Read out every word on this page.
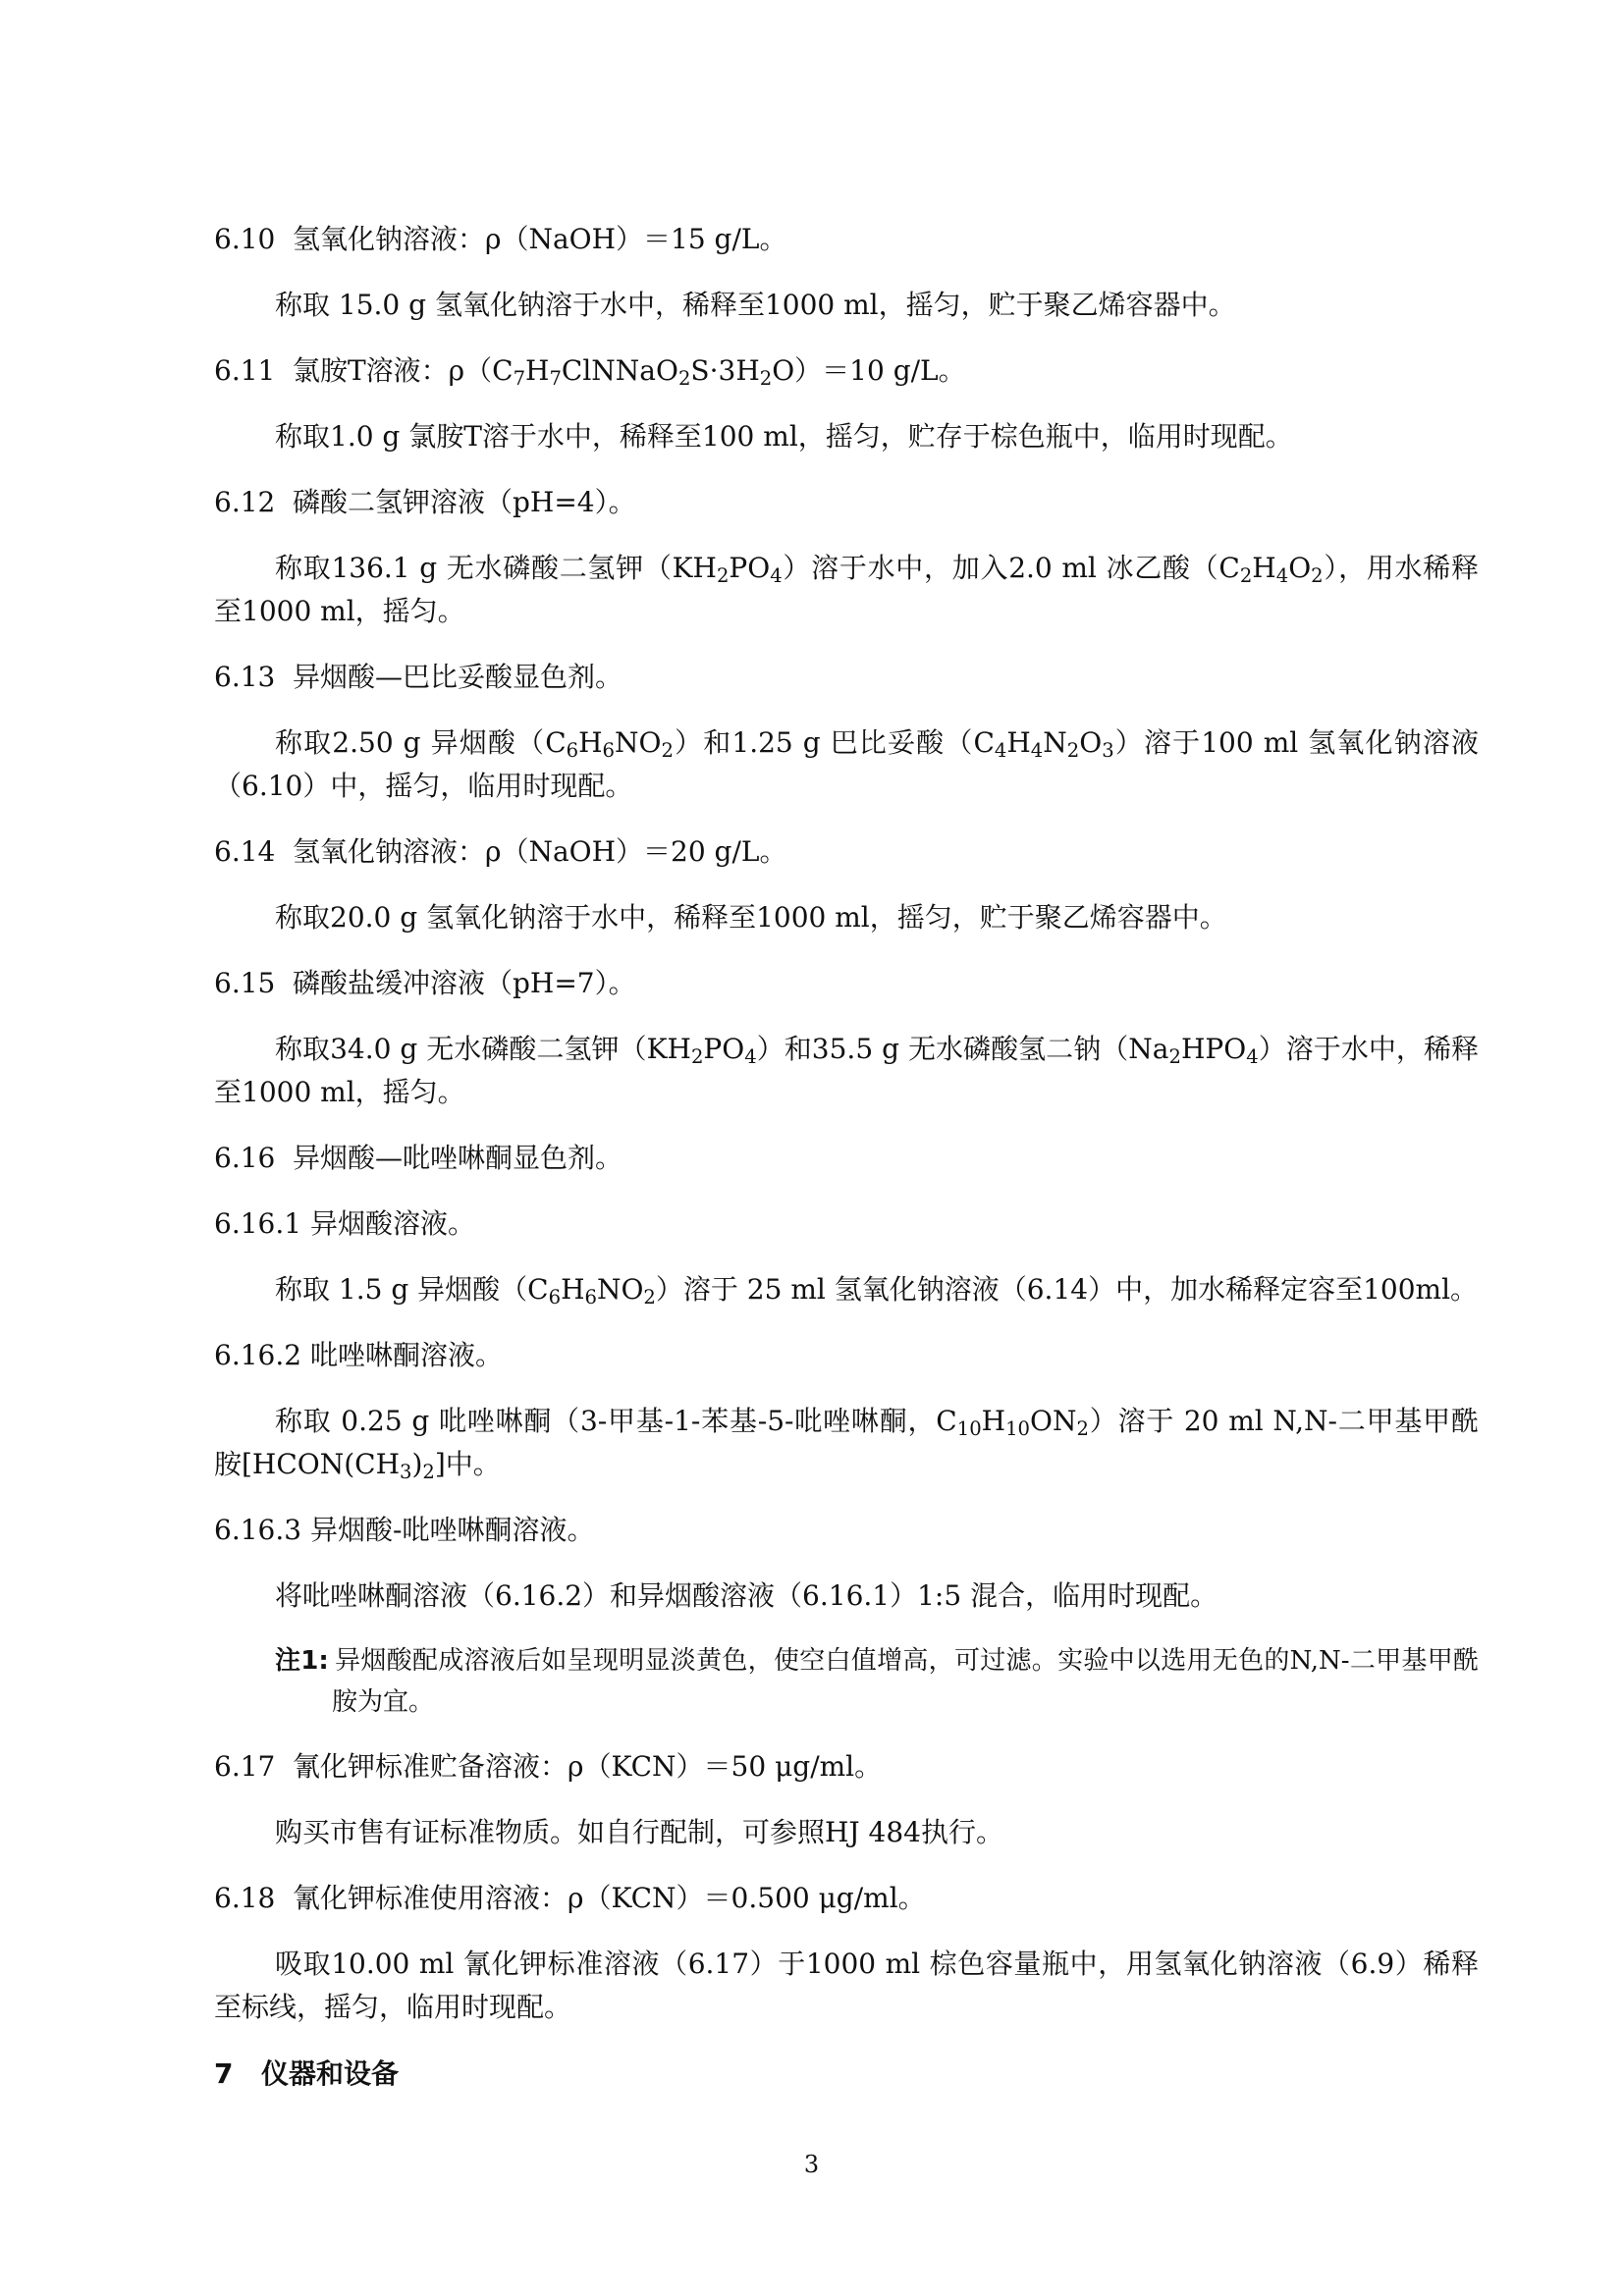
6.10 氢氧化钠溶液：ρ（NaOH）＝15 g/L。

称取 15.0 g 氢氧化钠溶于水中，稀释至1000 ml，摇匀，贮于聚乙烯容器中。

6.11 氯胺T溶液：$\rho(C_7H_7ClNNaO_2S\cdot 3H_2O)=10$ g/L。

称取1.0 g 氯胺T溶于水中，稀释至100 ml，摇匀，贮存于棕色瓶中，临用时现配。

6.12 磷酸二氢钾溶液（pH=4）。

称取136.1 g 无水磷酸二氢钾$(KH_2PO_4)$溶于水中，加入2.0 ml 冰乙酸$(C_2H_4O_2)$，用水稀释至1000 ml，摇匀。

6.13 异烟酸—巴比妥酸显色剂。

称取2.50 g 异烟酸$(C_6H_6NO_2)$和1.25 g 巴比妥酸$(C_4H_4N_2O_3)$溶于100 ml 氢氧化钠溶液（6.10）中，摇匀，临用时现配。

6.14 氢氧化钠溶液：ρ（NaOH）＝20 g/L。

称取20.0 g 氢氧化钠溶于水中，稀释至1000 ml，摇匀，贮于聚乙烯容器中。

6.15 磷酸盐缓冲溶液（pH=7）。

称取34.0 g 无水磷酸二氢钾$(KH_2PO_4)$和35.5 g 无水磷酸氢二钠$(Na_2HPO_4)$溶于水中，稀释至1000 ml，摇匀。

6.16 异烟酸—吡唑啉酮显色剂。
6.16.1 异烟酸溶液。

称取 1.5 g 异烟酸$(C_6H_6NO_2)$溶于 25 ml 氢氧化钠溶液（6.14）中，加水稀释定容至100ml。

6.16.2 吡唑啉酮溶液。

称取 0.25 g 吡唑啉酮（3-甲基-1-苯基-5-吡唑啉酮，$C_{10}H_{10}ON_2$）溶于 20 ml N,N-二甲基甲酰胺$[HCON(CH_3)_2]$中。

6.16.3 异烟酸-吡唑啉酮溶液。

将吡唑啉酮溶液（6.16.2）和异烟酸溶液（6.16.1）1:5 混合，临用时现配。

注1: 异烟酸配成溶液后如呈现明显淡黄色，使空白值增高，可过滤。实验中以选用无色的N,N-二甲基甲酰胺为宜。

6.17 氰化钾标准贮备溶液：ρ（KCN）＝50 μg/ml。

购买市售有证标准物质。如自行配制，可参照HJ 484执行。

6.18 氰化钾标准使用溶液：ρ（KCN）＝0.500 μg/ml。

吸取10.00 ml 氰化钾标准溶液（6.17）于1000 ml 棕色容量瓶中，用氢氧化钠溶液（6.9）稀释至标线，摇匀，临用时现配。

7 仪器和设备
3
